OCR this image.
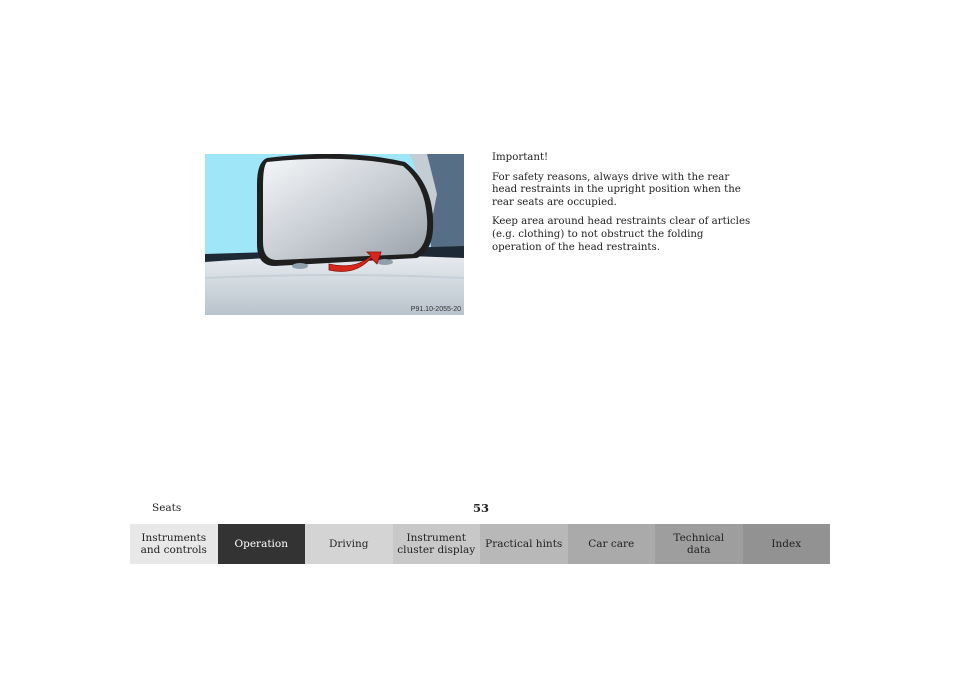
P91.10-2055-20
Important!

For safety reasons, always drive with the rear head restraints in the upright position when the rear seats are occupied.

Keep area around head restraints clear of articles (e.g. clothing) to not obstruct the folding operation of the head restraints.

Seats	53
Instruments
and controls
Operation	Driving
Instrument
cluster display
Practical hints Car care
Technical
data
Index
